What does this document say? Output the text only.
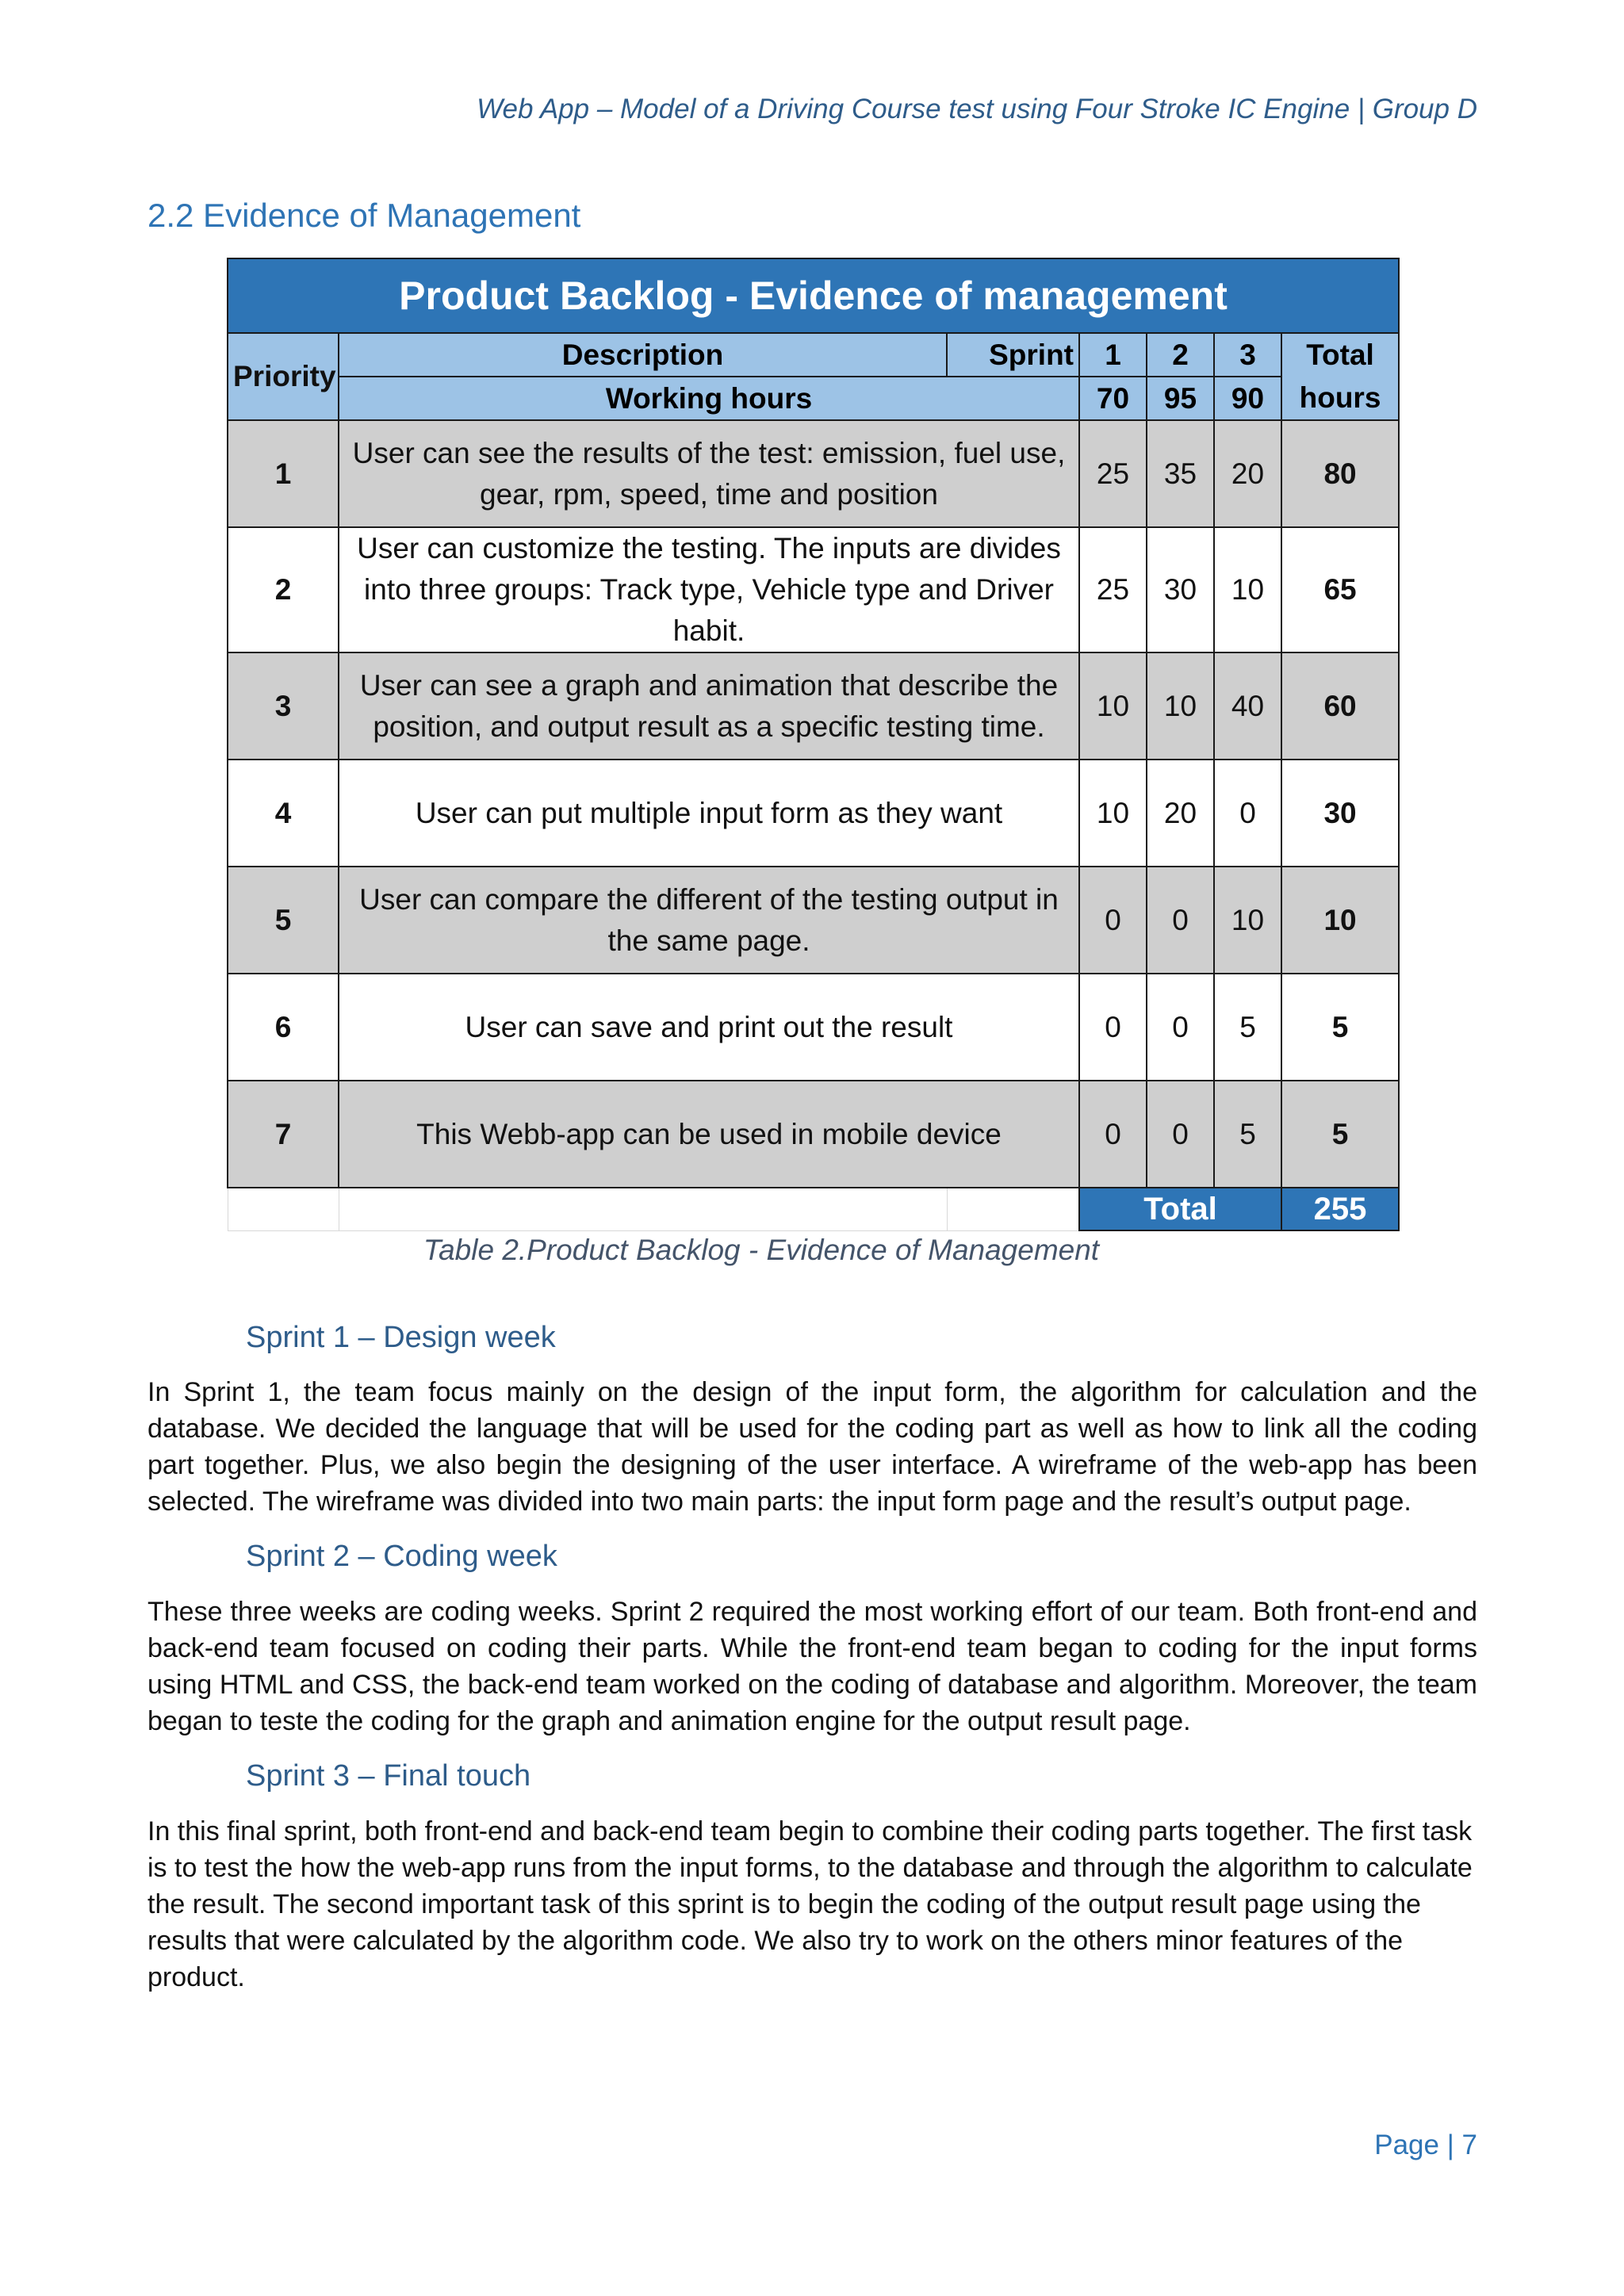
Web App – Model of a Driving Course test using Four Stroke IC Engine | Group D
2.2 Evidence of Management
Product Backlog - Evidence of management						
Priority	Description	Sprint	1	2	3	Total hours
	Working hours		70	95	90	
1	User can see the results of the test: emission, fuel use, gear, rpm, speed, time and position		25	35	20	80
2	User can customize the testing. The inputs are divides into three groups: Track type, Vehicle type and Driver habit.		25	30	10	65
3	User can see a graph and animation that describe the position, and output result as a specific testing time.		10	10	40	60
4	User can put multiple input form as they want		10	20	0	30
5	User can compare the different of the testing output in the same page.		0	0	10	10
6	User can save and print out the result		0	0	5	5
7	This Webb-app can be used in mobile device		0	0	5	5
			Total			255
Table 2.Product Backlog - Evidence of Management
Sprint 1 – Design week

In Sprint 1, the team focus mainly on the design of the input form, the algorithm for calculation and the database. We decided the language that will be used for the coding part as well as how to link all the coding part together. Plus, we also begin the designing of the user interface. A wireframe of the web-app has been selected. The wireframe was divided into two main parts: the input form page and the result’s output page.

Sprint 2 – Coding week

These three weeks are coding weeks. Sprint 2 required the most working effort of our team. Both front-end and back-end team focused on coding their parts. While the front-end team began to coding for the input forms using HTML and CSS, the back-end team worked on the coding of database and algorithm. Moreover, the team began to teste the coding for the graph and animation engine for the output result page.

Sprint 3 – Final touch

In this final sprint, both front-end and back-end team begin to combine their coding parts together. The first task is to test the how the web-app runs from the input forms, to the database and through the algorithm to calculate the result. The second important task of this sprint is to begin the coding of the output result page using the results that were calculated by the algorithm code. We also try to work on the others minor features of the product.

Page | 7
